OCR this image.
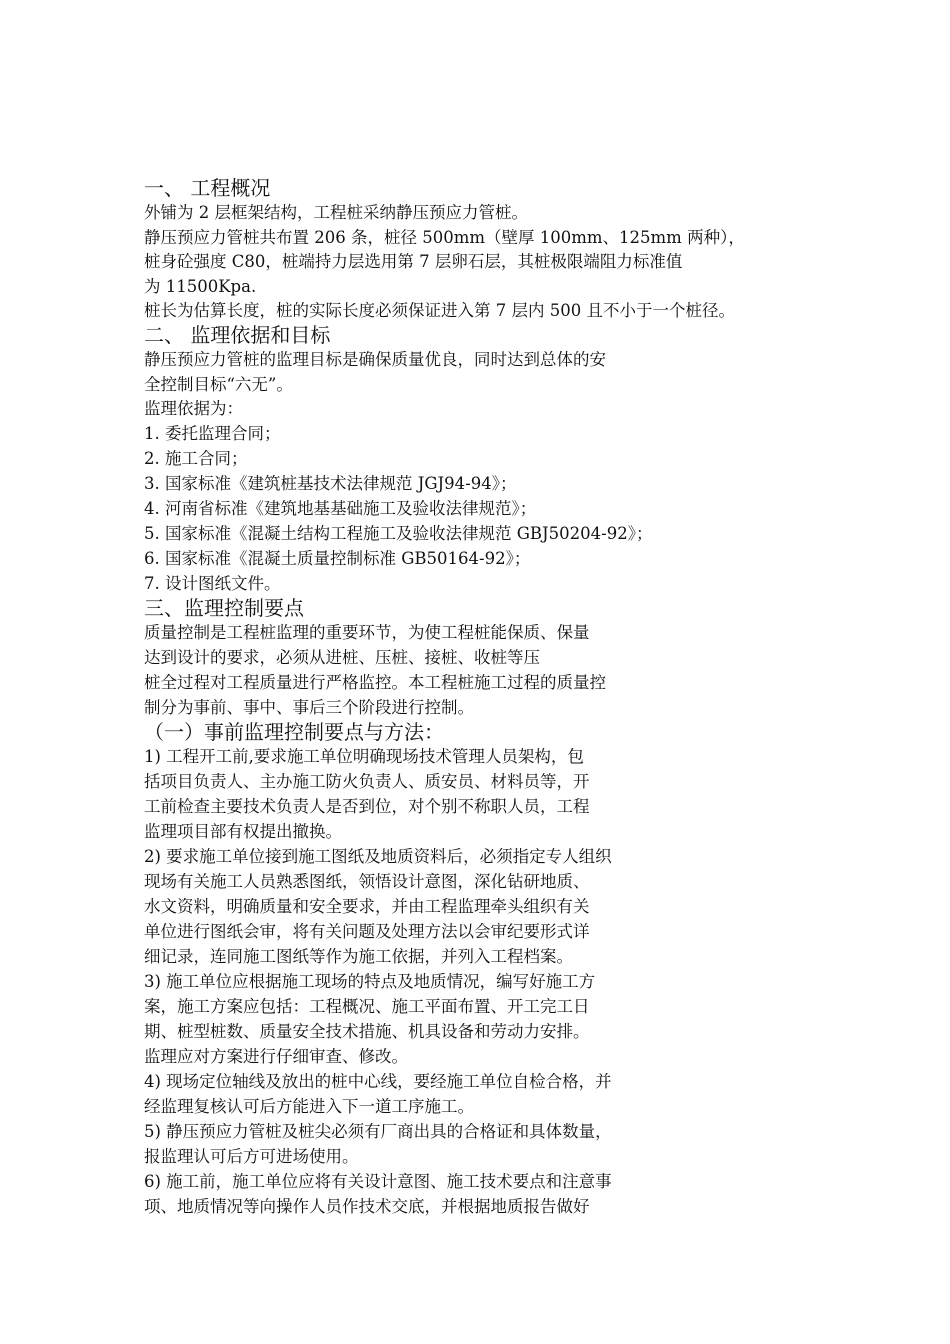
一、 工程概况
外铺为 2 层框架结构，工程桩采纳静压预应力管桩。
静压预应力管桩共布置 206 条，桩径 500mm（壁厚 100mm、125mm 两种），
桩身砼强度 C80，桩端持力层选用第 7 层卵石层，其桩极限端阻力标准值
为 11500Kpa.
桩长为估算长度，桩的实际长度必须保证进入第 7 层内 500 且不小于一个桩径。
二、 监理依据和目标
静压预应力管桩的监理目标是确保质量优良，同时达到总体的安
全控制目标“六无”。
监理依据为：
1. 委托监理合同；
2. 施工合同；
3. 国家标准《建筑桩基技术法律规范 JGJ94-94》；
4. 河南省标准《建筑地基基础施工及验收法律规范》；
5. 国家标准《混凝土结构工程施工及验收法律规范 GBJ50204-92》；
6. 国家标准《混凝土质量控制标准 GB50164-92》；
7. 设计图纸文件。
三、监理控制要点
质量控制是工程桩监理的重要环节，为使工程桩能保质、保量
达到设计的要求，必须从进桩、压桩、接桩、收桩等压
桩全过程对工程质量进行严格监控。本工程桩施工过程的质量控
制分为事前、事中、事后三个阶段进行控制。
（一）事前监理控制要点与方法：
1) 工程开工前,要求施工单位明确现场技术管理人员架构，包
括项目负责人、主办施工防火负责人、质安员、材料员等，开
工前检查主要技术负责人是否到位，对个别不称职人员，工程
监理项目部有权提出撤换。
2) 要求施工单位接到施工图纸及地质资料后，必须指定专人组织
现场有关施工人员熟悉图纸，领悟设计意图，深化钻研地质、
水文资料，明确质量和安全要求，并由工程监理牵头组织有关
单位进行图纸会审，将有关问题及处理方法以会审纪要形式详
细记录，连同施工图纸等作为施工依据，并列入工程档案。
3) 施工单位应根据施工现场的特点及地质情况，编写好施工方
案，施工方案应包括：工程概况、施工平面布置、开工完工日
期、桩型桩数、质量安全技术措施、机具设备和劳动力安排。
监理应对方案进行仔细审查、修改。
4) 现场定位轴线及放出的桩中心线，要经施工单位自检合格，并
经监理复核认可后方能进入下一道工序施工。
5) 静压预应力管桩及桩尖必须有厂商出具的合格证和具体数量，
报监理认可后方可进场使用。
6) 施工前，施工单位应将有关设计意图、施工技术要点和注意事
项、地质情况等向操作人员作技术交底，并根据地质报告做好
